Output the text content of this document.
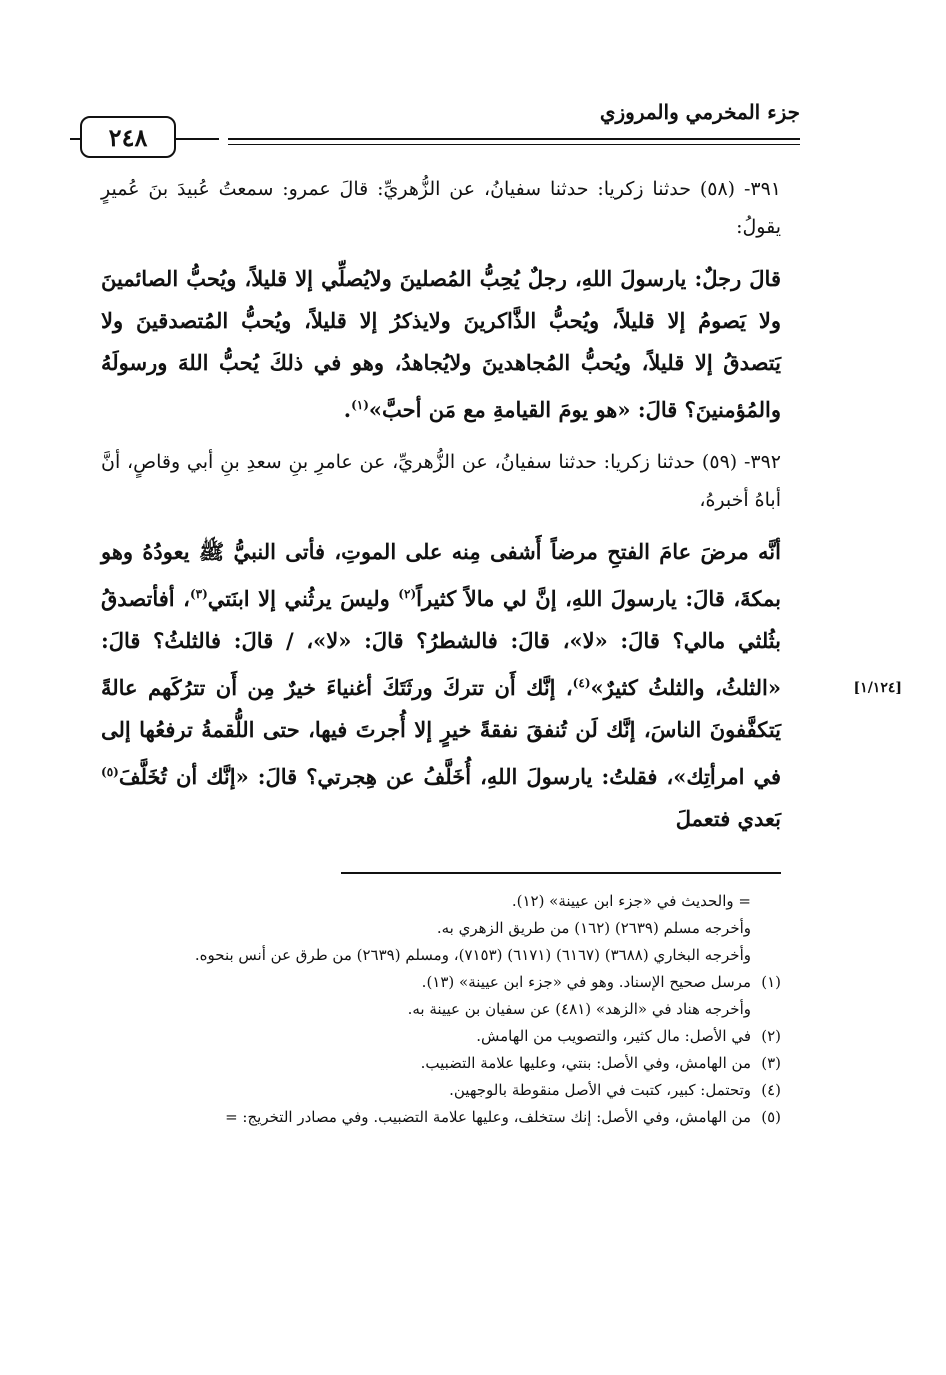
جزء المخرمي والمروزي
٢٤٨

٣٩١- (٥٨) حدثنا زكريا: حدثنا سفيانُ، عن الزُّهريِّ: قالَ عمرو: سمعتُ عُبيدَ بنَ عُميرٍ يقولُ:

قالَ رجلٌ: يارسولَ اللهِ، رجلٌ يُحِبُّ المُصلينَ ولايُصلِّي إلا قليلاً، ويُحبُّ الصائمينَ ولا يَصومُ إلا قليلاً، ويُحبُّ الذَّاكرينَ ولايذكرُ إلا قليلاً، ويُحبُّ المُتصدقينَ ولا يَتصدقُ إلا قليلاً، ويُحبُّ المُجاهدينَ ولايُجاهدُ، وهو في ذلكَ يُحبُّ اللهَ ورسولَهُ والمُؤمنينَ؟ قالَ: «هو يومَ القيامةِ مع مَن أحبَّ»$^{(١)}$.

٣٩٢- (٥٩) حدثنا زكريا: حدثنا سفيانُ، عن الزُّهريِّ، عن عامرِ بنِ سعدِ بنِ أبي وقاصٍ، أنَّ أباهُ أخبرهُ،

أنَّه مرضَ عامَ الفتحِ مرضاً أَشفى مِنه على الموتِ، فأتى النبيُّ ﷺ يعودُهُ وهو بمكةَ، قالَ: يارسولَ اللهِ، إنَّ لي مالاً كثيراً$^{(٢)}$ وليسَ يرثُني إلا ابنَتي$^{(٣)}$، أفأتصدقُ بثُلثي مالي؟ قالَ: «لا»، قالَ: فالشطرُ؟ قالَ: «لا»، / قالَ: فالثلثُ؟ قالَ: «الثلثُ، والثلثُ كثيرٌ»$^{(٤)}$، إنَّك أَن تتركَ ورثَتَكَ أغنياءَ خيرٌ مِن أَن تترُكَهم عالةً يَتكفَّفونَ الناسَ، إنَّك لَن تُنفقَ نفقةً خيرٍ إلا أُجرتَ فيها، حتى اللُّقمةُ ترفعُها إلى في امرأتِك»، فقلتُ: يارسولَ اللهِ، أُخَلَّفُ عن هِجرتي؟ قالَ: «إنَّك أن تُخَلَّفَ$^{(٥)}$ بَعدي فتعملَ

[١/١٢٤]

= والحديث في «جزء ابن عيينة» (١٢).

وأخرجه مسلم (٢٦٣٩) (١٦٢) من طريق الزهري به.

وأخرجه البخاري (٣٦٨٨) (٦١٦٧) (٦١٧١) (٧١٥٣)، ومسلم (٢٦٣٩) من طرق عن أنس بنحوه.

(١)
مرسل صحيح الإسناد. وهو في «جزء ابن عيينة» (١٣).

وأخرجه هناد في «الزهد» (٤٨١) عن سفيان بن عيينة به.

(٢)
في الأصل: مال كثير، والتصويب من الهامش.

(٣)
من الهامش، وفي الأصل: بنتي، وعليها علامة التضبيب.

(٤)
وتحتمل: كبير، كتبت في الأصل منقوطة بالوجهين.

(٥)
من الهامش، وفي الأصل: إنك ستخلف، وعليها علامة التضبيب. وفي مصادر التخريج: =
